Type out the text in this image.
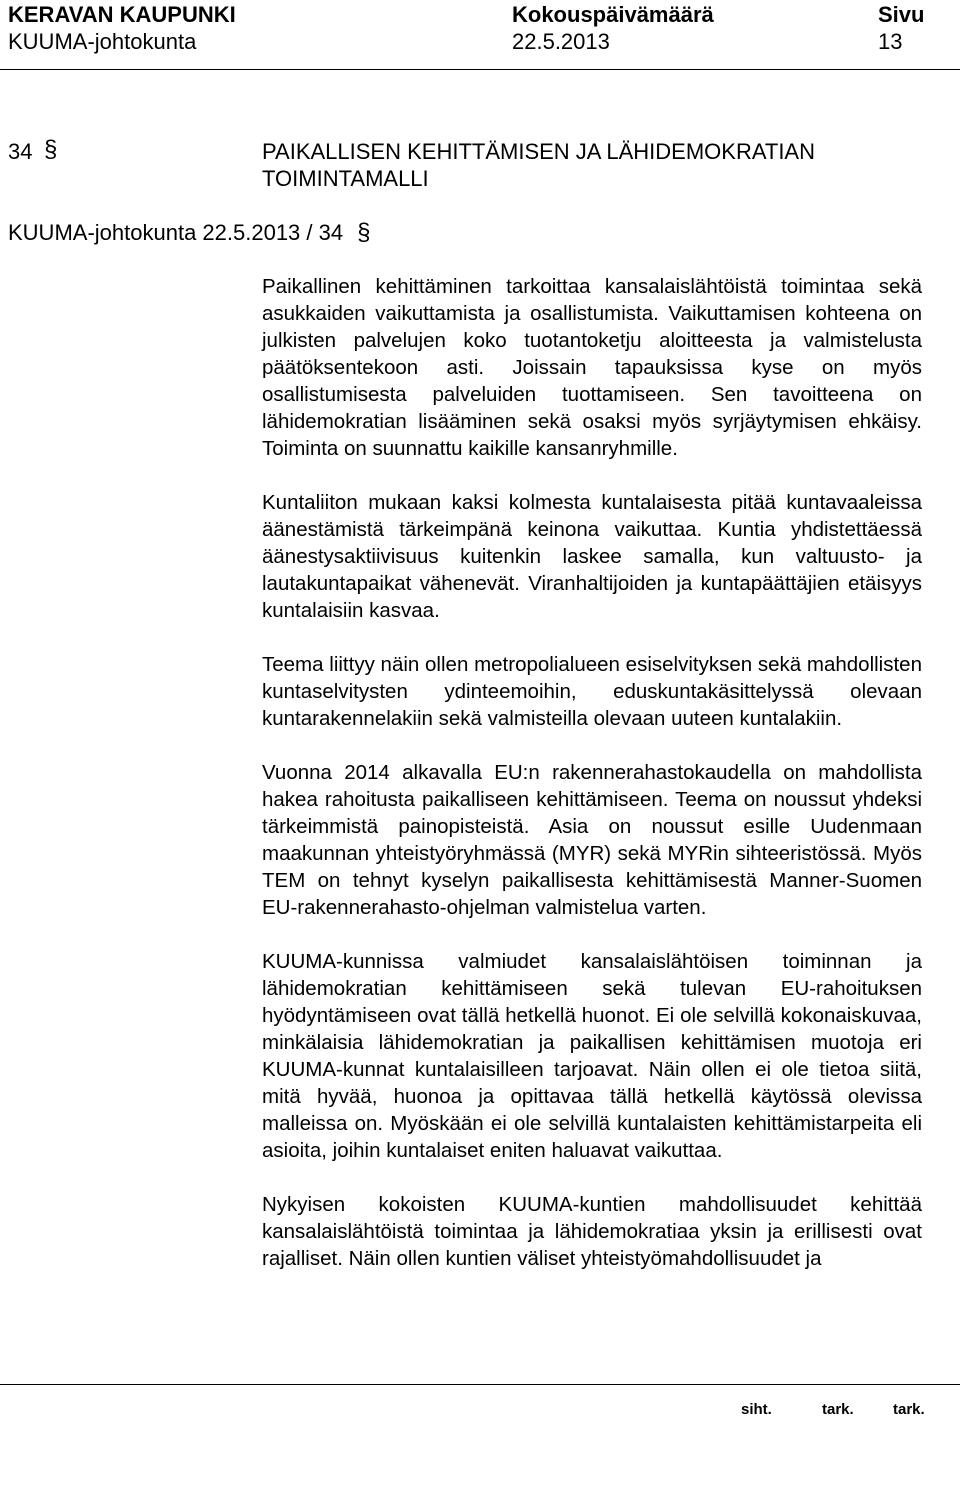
KERAVAN KAUPUNKI	Kokouspäivämäärä	Sivu
KUUMA-johtokunta	22.5.2013	13
34 §	PAIKALLISEN KEHITTÄMISEN JA LÄHIDEMOKRATIAN TOIMINTAMALLI
KUUMA-johtokunta 22.5.2013 / 34 §

Paikallinen kehittäminen tarkoittaa kansalaislähtöistä toimintaa sekä asukkaiden vaikuttamista ja osallistumista. Vaikuttamisen kohteena on julkisten palvelujen koko tuotantoketju aloitteesta ja valmistelusta päätöksentekoon asti. Joissain tapauksissa kyse on myös osallistumisesta palveluiden tuottamiseen. Sen tavoitteena on lähidemokratian lisääminen sekä osaksi myös syrjäytymisen ehkäisy. Toiminta on suunnattu kaikille kansanryhmille.

Kuntaliiton mukaan kaksi kolmesta kuntalaisesta pitää kuntavaaleissa äänestämistä tärkeimpänä keinona vaikuttaa. Kuntia yhdistettäessä äänestysaktiivisuus kuitenkin laskee samalla, kun valtuusto- ja lautakuntapaikat vähenevät. Viranhaltijoiden ja kuntapäättäjien etäisyys kuntalaisiin kasvaa.

Teema liittyy näin ollen metropolialueen esiselvityksen sekä mahdollisten kuntaselvitysten ydinteemoihin, eduskuntakäsittelyssä olevaan kuntarakennelakiin sekä valmisteilla olevaan uuteen kuntalakiin.

Vuonna 2014 alkavalla EU:n rakennerahastokaudella on mahdollista hakea rahoitusta paikalliseen kehittämiseen. Teema on noussut yhdeksi tärkeimmistä painopisteistä. Asia on noussut esille Uudenmaan maakunnan yhteistyöryhmässä (MYR) sekä MYRin sihteeristössä. Myös TEM on tehnyt kyselyn paikallisesta kehittämisestä Manner-Suomen EU-rakennerahasto-ohjelman valmistelua varten.

KUUMA-kunnissa valmiudet kansalaislähtöisen toiminnan ja lähidemokratian kehittämiseen sekä tulevan EU-rahoituksen hyödyntämiseen ovat tällä hetkellä huonot. Ei ole selvillä kokonaiskuvaa, minkälaisia lähidemokratian ja paikallisen kehittämisen muotoja eri KUUMA-kunnat kuntalaisilleen tarjoavat. Näin ollen ei ole tietoa siitä, mitä hyvää, huonoa ja opittavaa tällä hetkellä käytössä olevissa malleissa on. Myöskään ei ole selvillä kuntalaisten kehittämistarpeita eli asioita, joihin kuntalaiset eniten haluavat vaikuttaa.

Nykyisen kokoisten KUUMA-kuntien mahdollisuudet kehittää kansalaislähtöistä toimintaa ja lähidemokratiaa yksin ja erillisesti ovat rajalliset. Näin ollen kuntien väliset yhteistyömahdollisuudet ja

siht.	tark.	tark.
